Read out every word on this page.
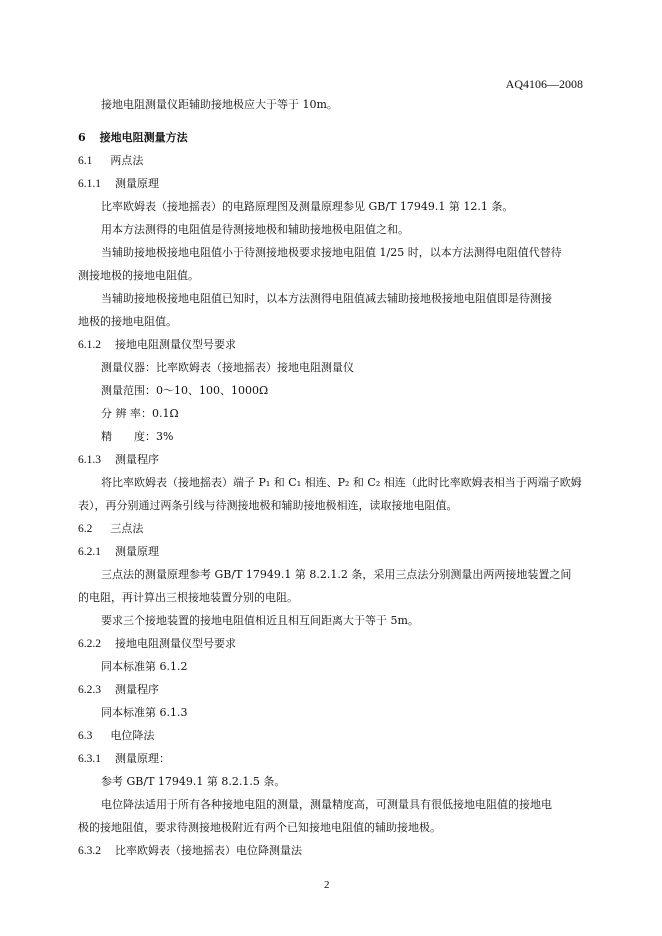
AQ4106—2008
接地电阻测量仪距辅助接地极应大于等于 10m。
6 接地电阻测量方法
6.1 两点法
6.1.1 测量原理
比率欧姆表（接地摇表）的电路原理图及测量原理参见 GB/T 17949.1 第 12.1 条。
用本方法测得的电阻值是待测接地极和辅助接地极电阻值之和。
当辅助接地极接地电阻值小于待测接地极要求接地电阻值 1/25 时，以本方法测得电阻值代替待
测接地极的接地电阻值。
当辅助接地极接地电阻值已知时，以本方法测得电阻值减去辅助接地极接地电阻值即是待测接
地极的接地电阻值。
6.1.2 接地电阻测量仪型号要求
测量仪器：比率欧姆表（接地摇表）接地电阻测量仪
测量范围：0～10、100、1000Ω
分 辨 率：0.1Ω
精　　度：3%
6.1.3 测量程序
将比率欧姆表（接地摇表）端子 P₁ 和 C₁ 相连、P₂ 和 C₂ 相连（此时比率欧姆表相当于两端子欧姆
表），再分别通过两条引线与待测接地极和辅助接地极相连，读取接地电阻值。
6.2 三点法
6.2.1 测量原理
三点法的测量原理参考 GB/T 17949.1 第 8.2.1.2 条，采用三点法分别测量出两两接地装置之间
的电阻，再计算出三根接地装置分别的电阻。
要求三个接地装置的接地电阻值相近且相互间距离大于等于 5m。
6.2.2 接地电阻测量仪型号要求
同本标准第 6.1.2
6.2.3 测量程序
同本标准第 6.1.3
6.3 电位降法
6.3.1 测量原理：
参考 GB/T 17949.1 第 8.2.1.5 条。
电位降法适用于所有各种接地电阻的测量，测量精度高，可测量具有很低接地电阻值的接地电
极的接地阻值，要求待测接地极附近有两个已知接地电阻值的辅助接地极。
6.3.2 比率欧姆表（接地摇表）电位降测量法
2
